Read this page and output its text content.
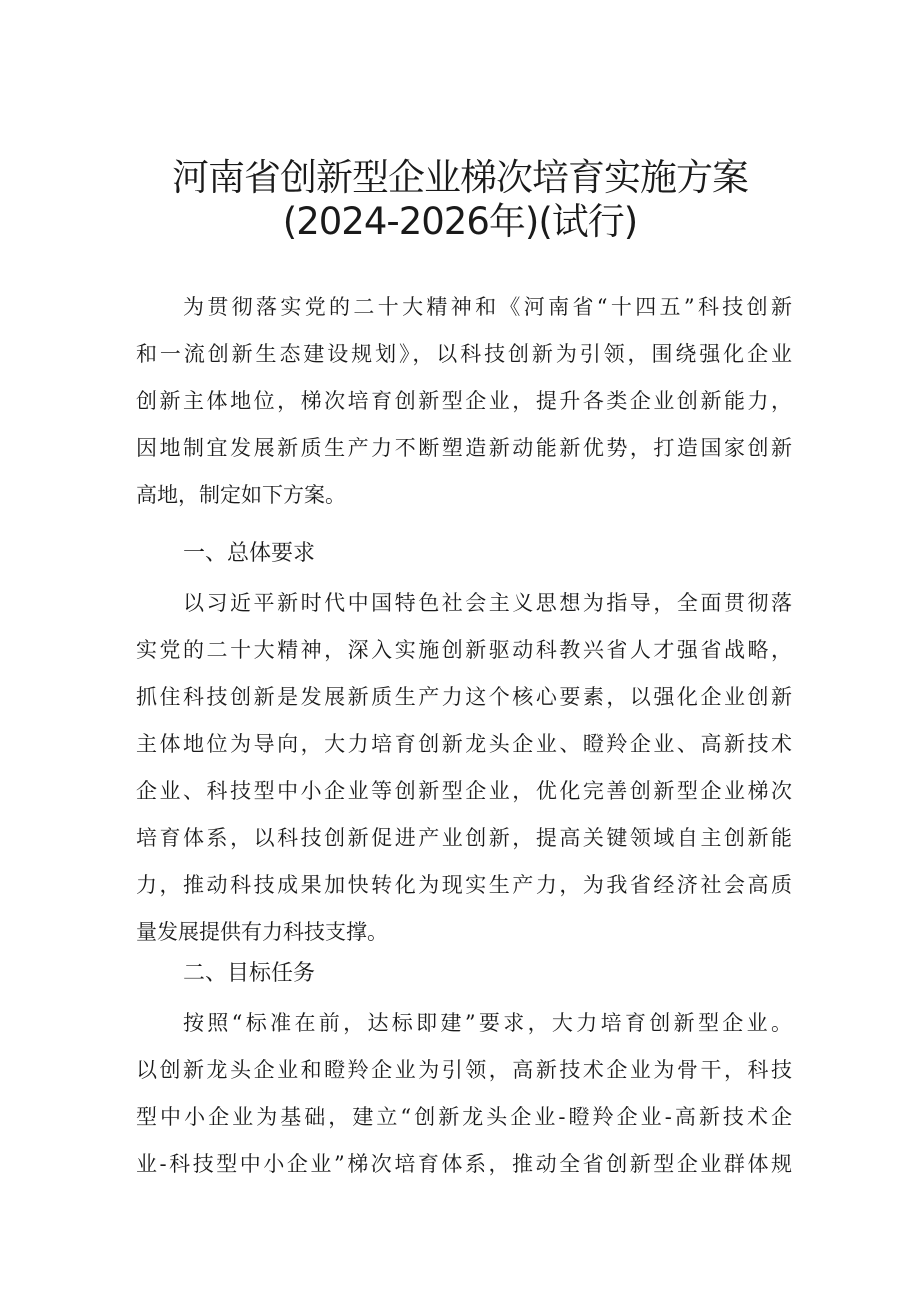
河南省创新型企业梯次培育实施方案
(2024-2026年)(试行)

为贯彻落实党的二十大精神和《河南省“十四五”科技创新

和一流创新生态建设规划》，以科技创新为引领，围绕强化企业

创新主体地位，梯次培育创新型企业，提升各类企业创新能力，

因地制宜发展新质生产力不断塑造新动能新优势，打造国家创新

高地，制定如下方案。

一、总体要求

以习近平新时代中国特色社会主义思想为指导，全面贯彻落

实党的二十大精神，深入实施创新驱动科教兴省人才强省战略，

抓住科技创新是发展新质生产力这个核心要素，以强化企业创新

主体地位为导向，大力培育创新龙头企业、瞪羚企业、高新技术

企业、科技型中小企业等创新型企业，优化完善创新型企业梯次

培育体系，以科技创新促进产业创新，提高关键领域自主创新能

力，推动科技成果加快转化为现实生产力，为我省经济社会高质

量发展提供有力科技支撑。

二、目标任务

按照“标准在前，达标即建”要求，大力培育创新型企业。

以创新龙头企业和瞪羚企业为引领，高新技术企业为骨干，科技

型中小企业为基础，建立“创新龙头企业-瞪羚企业-高新技术企

业-科技型中小企业”梯次培育体系，推动全省创新型企业群体规
